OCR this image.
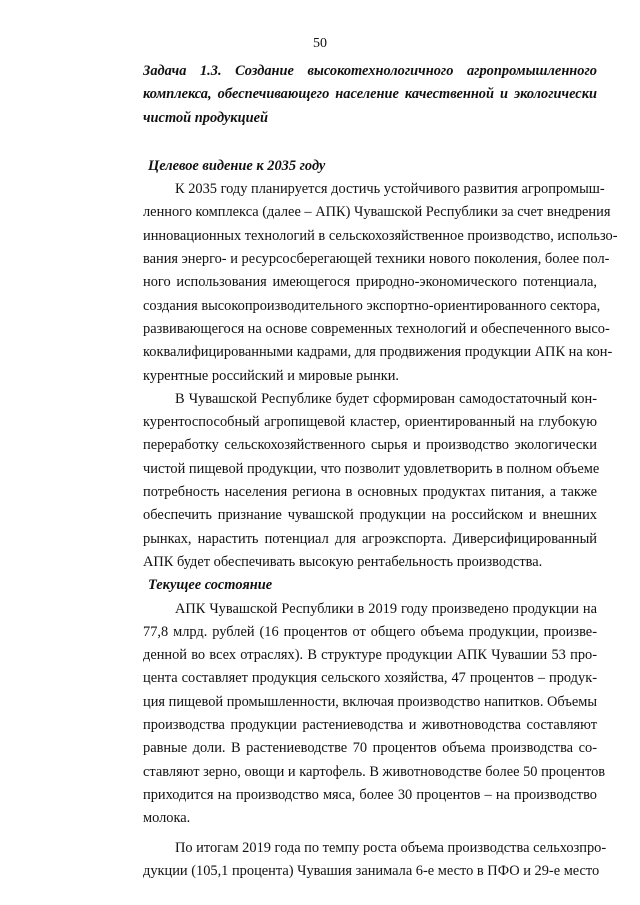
50

Задача 1.3. Создание высокотехнологичного агропромышленного
комплекса, обеспечивающего население качественной и экологически
чистой продукцией

Целевое видение к 2035 году

К 2035 году планируется достичь устойчивого развития агропромыш-
ленного комплекса (далее – АПК) Чувашской Республики за счет внедрения
инновационных технологий в сельскохозяйственное производство, использо-
вания энерго- и ресурсосберегающей техники нового поколения, более пол-
ного использования имеющегося природно-экономического потенциала,
создания высокопроизводительного экспортно-ориентированного сектора,
развивающегося на основе современных технологий и обеспеченного высо-
коквалифицированными кадрами, для продвижения продукции АПК на кон-
курентные российский и мировые рынки.

В Чувашской Республике будет сформирован самодостаточный кон-
курентоспособный агропищевой кластер, ориентированный на глубокую
переработку сельскохозяйственного сырья и производство экологически
чистой пищевой продукции, что позволит удовлетворить в полном объеме
потребность населения региона в основных продуктах питания, а также
обеспечить признание чувашской продукции на российском и внешних
рынках, нарастить потенциал для агроэкспорта. Диверсифицированный
АПК будет обеспечивать высокую рентабельность производства.

Текущее состояние

АПК Чувашской Республики в 2019 году произведено продукции на
77,8 млрд. рублей (16 процентов от общего объема продукции, произве-
денной во всех отраслях). В структуре продукции АПК Чувашии 53 про-
цента составляет продукция сельского хозяйства, 47 процентов – продук-
ция пищевой промышленности, включая производство напитков. Объемы
производства продукции растениеводства и животноводства составляют
равные доли. В растениеводстве 70 процентов объема производства со-
ставляют зерно, овощи и картофель. В животноводстве более 50 процентов
приходится на производство мяса, более 30 процентов – на производство
молока.

По итогам 2019 года по темпу роста объема производства сельхозпро-
дукции (105,1 процента) Чувашия занимала 6-е место в ПФО и 29-е место
